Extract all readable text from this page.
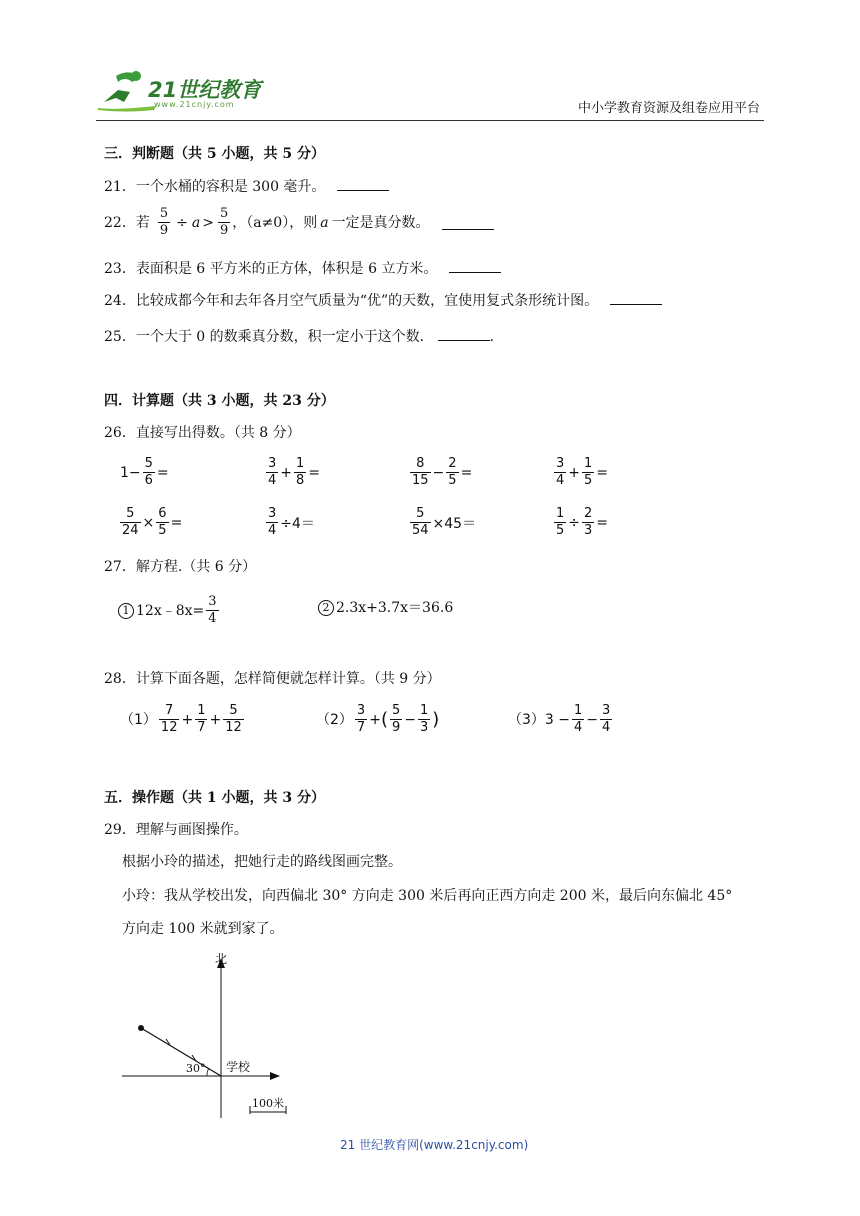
21世纪教育
www.21cnjy.com	中小学教育资源及组卷应用平台
三．判断题（共 5 小题，共 5 分）
21．一个水桶的容积是 300 毫升。
22．若 $\frac{5}{9} \div a > \frac{5}{9}$ ，（a≠0），则 a 一定是真分数。
23．表面积是 6 平方米的正方体，体积是 6 立方米。
24．比较成都今年和去年各月空气质量为“优”的天数，宜使用复式条形统计图。
25．一个大于 0 的数乘真分数，积一定小于这个数．	.
四．计算题（共 3 小题，共 23 分）
26．直接写出得数。（共 8 分）
$1- \frac{5}{6}$ =	$\frac{3}{4} + \frac{1}{8}$ =	$\frac{8}{15} - \frac{2}{5}$ =	$\frac{3}{4} + \frac{1}{5}$ =
$\frac{5}{24} \times \frac{6}{5}$ =	$\frac{3}{4} \div 4=$	$\frac{5}{54} \times 45=$	$\frac{1}{5} \div \frac{2}{3}$ =
27．解方程.（共 6 分）
1 12x﹣8x= $\frac{3}{4}$	2 2.3x+3.7x＝36.6
28．计算下面各题，怎样简便就怎样计算。（共 9 分）
$(1) \frac{7}{12} + \frac{1}{7} + \frac{5}{12}$	$(2) \frac{3}{7}$ + ( $\frac{5}{9} - \frac{1}{3}$ )	$(3)3 - \frac{1}{4} - \frac{3}{4}$
五．操作题（共 1 小题，共 3 分）
29．理解与画图操作。
根据小玲的描述，把她行走的路线图画完整。
小玲：我从学校出发，向西偏北 30° 方向走 300 米后再向正西方向走 200 米，最后向东偏北 45°
方向走 100 米就到家了。
北
学校
30°
100米
21 世纪教育网(www.21cnjy.com)
